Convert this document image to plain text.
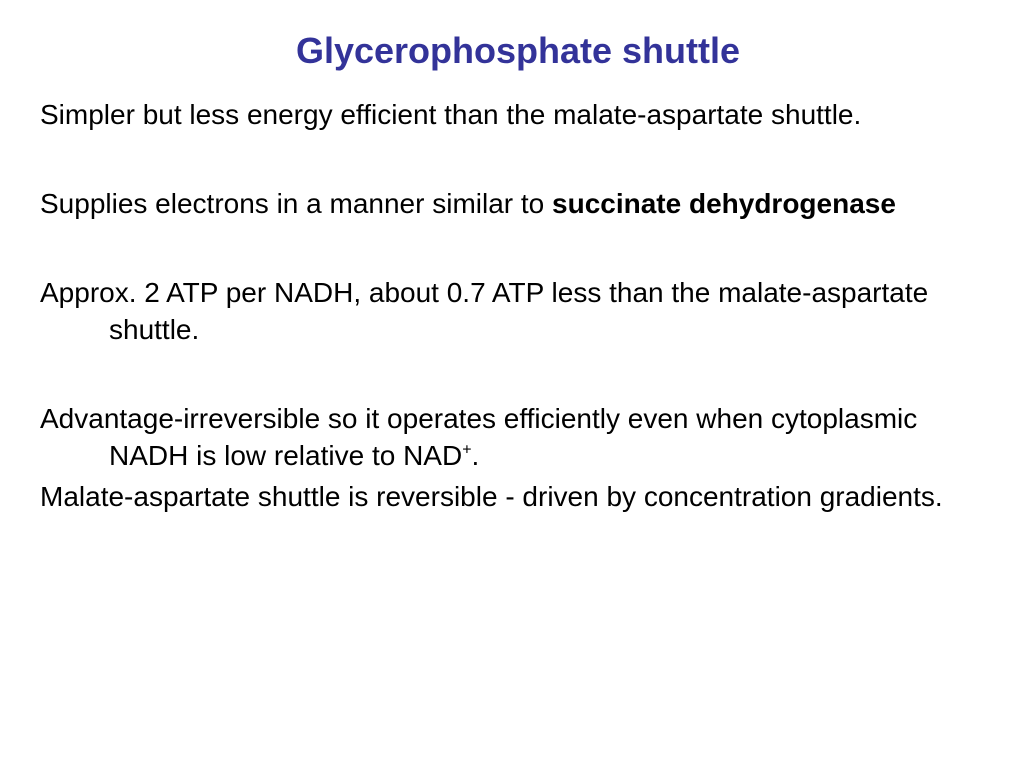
Glycerophosphate shuttle
Simpler but less energy efficient than the malate-aspartate shuttle.
Supplies electrons in a manner similar to succinate dehydrogenase
Approx. 2 ATP per NADH, about 0.7 ATP less than the malate-aspartate shuttle.
Advantage-irreversible so it operates efficiently even when cytoplasmic NADH is low relative to NAD+.
Malate-aspartate shuttle is reversible - driven by concentration gradients.
